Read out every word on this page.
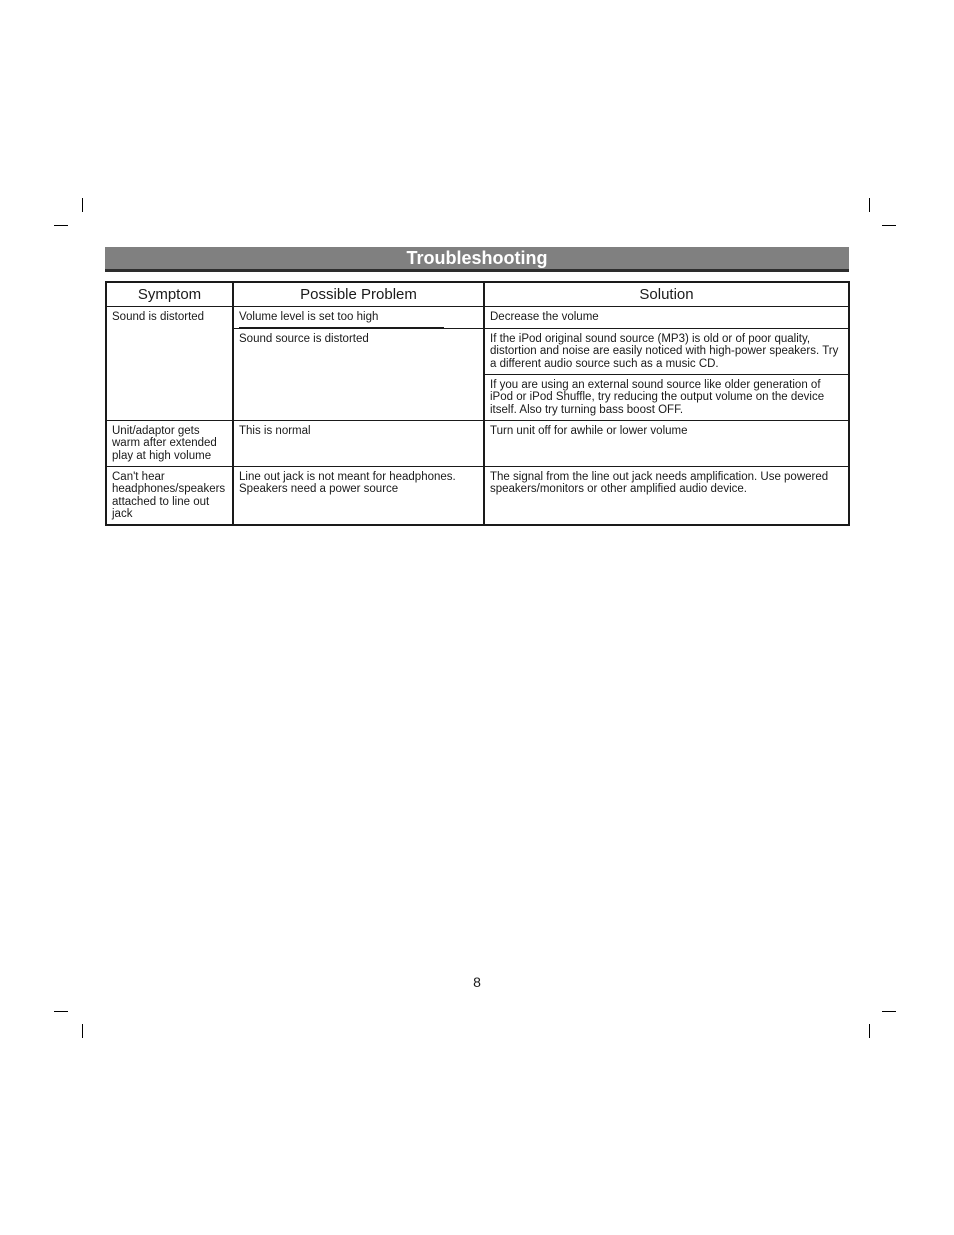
Troubleshooting
Symptom	Possible Problem	Solution
Sound is distorted	Volume level is set too high	Decrease the volume
	Sound source is distorted	If the iPod original sound source (MP3) is old or of poor quality, distortion and noise are easily noticed with high-power speakers. Try a different audio source such as a music CD.
		If you are using an external sound source like older generation of iPod or iPod Shuffle, try reducing the output volume on the device itself. Also try turning bass boost OFF.
Unit/adaptor gets warm after extended play at high volume	This is normal	Turn unit off for awhile or lower volume
Can't hear headphones/speakers attached to line out jack	Line out jack is not meant for headphones. Speakers need a power source	The signal from the line out jack needs amplification. Use powered speakers/monitors or other amplified audio device.
8
